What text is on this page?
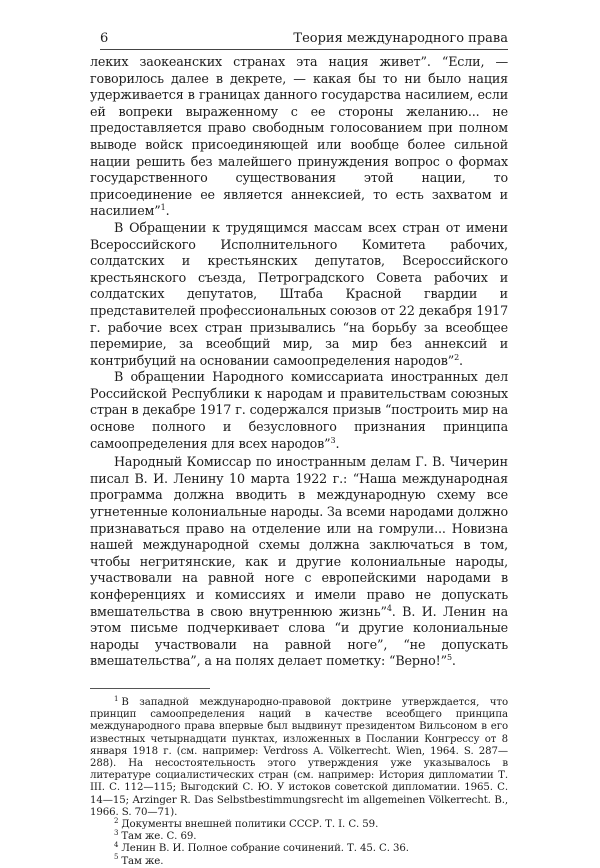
6	Теория международного права

леких заокеанских странах эта нация живет”. “Если, — говорилось далее в декрете, — какая бы то ни было нация удерживается в границах данного государства насилием, если ей вопреки выраженному с ее стороны желанию... не предоставляется право свободным голосованием при полном выводе войск присоединяющей или вообще более сильной нации решить без малейшего принуждения вопрос о формах государственного существования этой нации, то присоединение ее является аннексией, то есть захватом и насилием”$^1$.

В Обращении к трудящимся массам всех стран от имени Всероссийского Исполнительного Комитета рабочих, солдатских и крестьянских депутатов, Всероссийского крестьянского съезда, Петроградского Совета рабочих и солдатских депутатов, Штаба Красной гвардии и представителей профессиональных союзов от 22 декабря 1917 г. рабочие всех стран призывались “на борьбу за всеобщее перемирие, за всеобщий мир, за мир без аннексий и контрибуций на основании самоопределения народов”$^2$.

В обращении Народного комиссариата иностранных дел Российской Республики к народам и правительствам союзных стран в декабре 1917 г. содержался призыв “построить мир на основе полного и безусловного признания принципа самоопределения для всех народов”$^3$.

Народный Комиссар по иностранным делам Г. В. Чичерин писал В. И. Ленину 10 марта 1922 г.: “Наша международная программа должна вводить в международную схему все угнетенные колониальные народы. За всеми народами должно признаваться право на отделение или на гомрули... Новизна нашей международной схемы должна заключаться в том, чтобы негритянские, как и другие колониальные народы, участвовали на равной ноге с европейскими народами в конференциях и комиссиях и имели право не допускать вмешательства в свою внутреннюю жизнь”$^4$. В. И. Ленин на этом письме подчеркивает слова “и другие колониальные народы участвовали на равной ноге”, “не допускать вмешательства”, а на полях делает пометку: “Верно!”$^5$.

$^1$ В западной международно-правовой доктрине утверждается, что принцип самоопределения наций в качестве всеобщего принципа международного права впервые был выдвинут президентом Вильсоном в его известных четырнадцати пунктах, изложенных в Послании Конгрессу от 8 января 1918 г. (см. например: Verdross A. Völkerrecht. Wien, 1964. S. 287—288). На несостоятельность этого утверждения уже указывалось в литературе социалистических стран (см. например: История дипломатии Т. III. С. 112—115; Выгодский С. Ю. У истоков советской дипломатии. 1965. С. 14—15; Arzinger R. Das Selbstbestimmungsrecht im allgemeinen Völkerrecht. B., 1966. S. 70—71).

$^2$ Документы внешней политики СССР. Т. I. С. 59.

$^3$ Там же. С. 69.

$^4$ Ленин В. И. Полное собрание сочинений. Т. 45. С. 36.

$^5$ Там же.
